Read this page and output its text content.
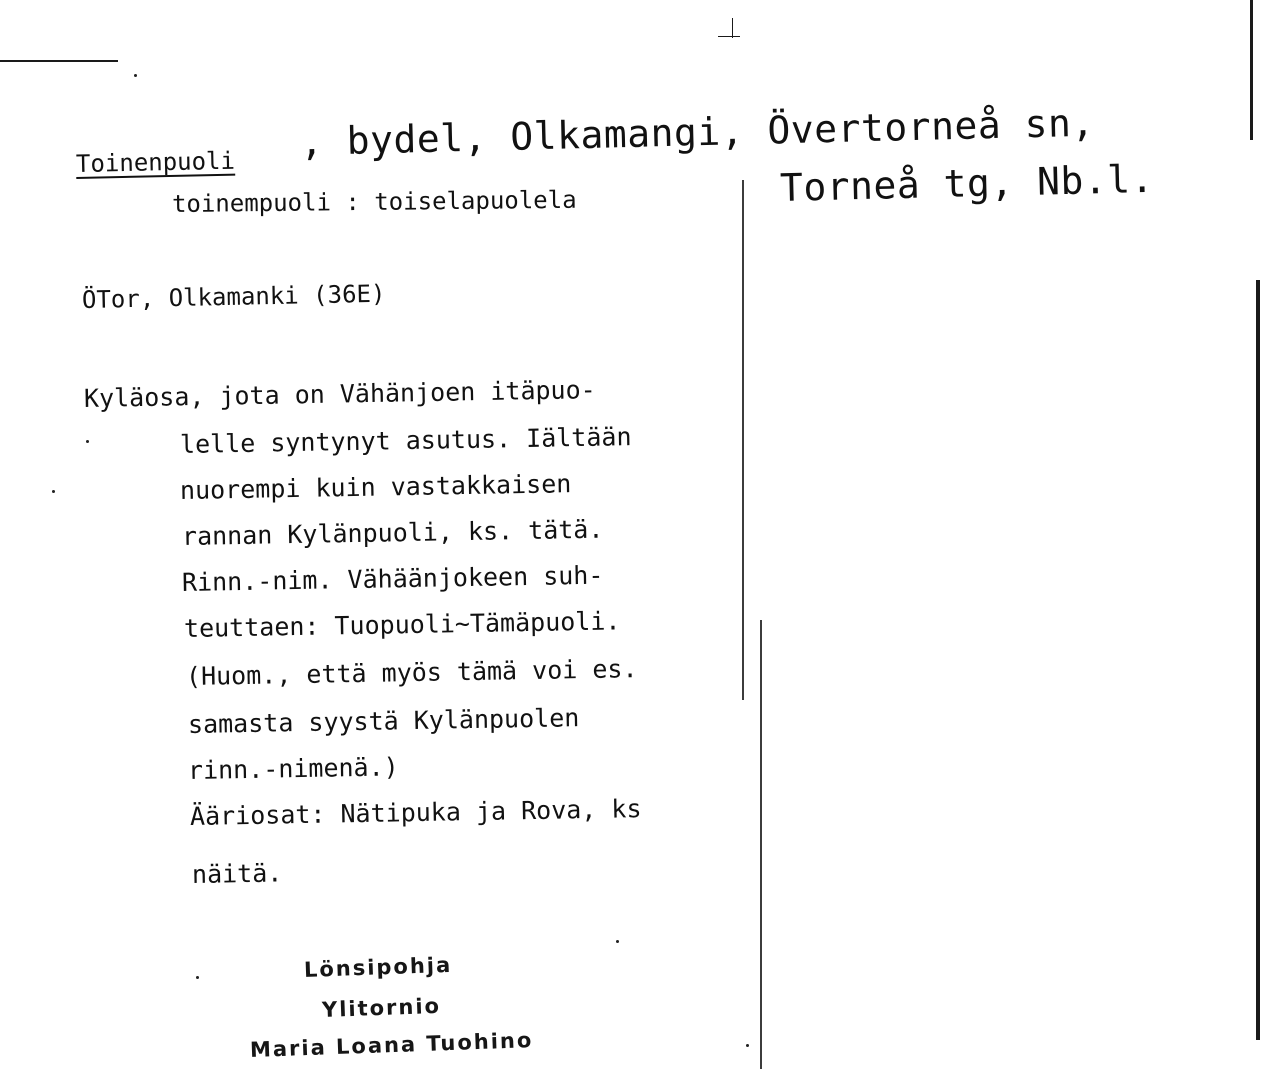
Toinenpuoli , bydel, Olkamangi, Övertorneå sn,
Torneå tg, Nb.l.
toinempuoli : toiselapuolela
ÖTor, Olkamanki (36E)
Kyläosa, jota on Vähänjoen itäpuo-
lelle syntynyt asutus. Iältään
nuorempi kuin vastakkaisen
rannan Kylänpuoli, ks. tätä.
Rinn.-nim. Vähäänjokeen suh-
teuttaen: Tuopuoli~Tämäpuoli.
(Huom., että myös tämä voi es.
samasta syystä Kylänpuolen
rinn.-nimenä.)
Ääriosat: Nätipuka ja Rova, ks
näitä.
Lönsipohja
Ylitornio
Maria Loana Tuohino
